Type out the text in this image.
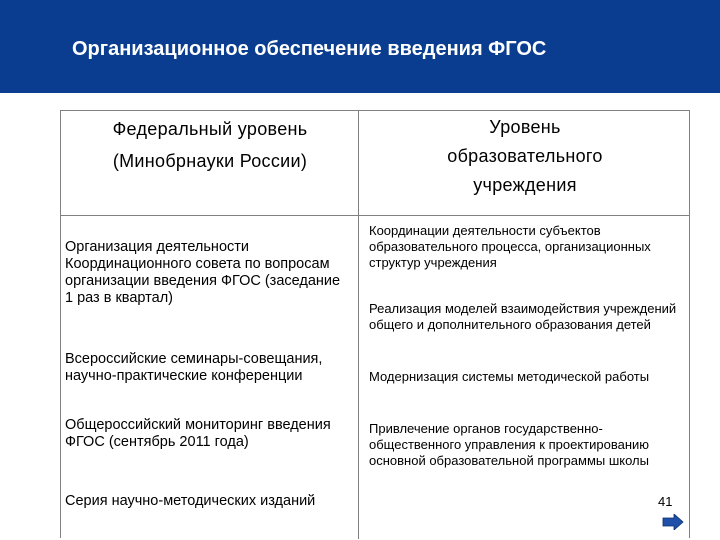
Организационное обеспечение введения ФГОС
Федеральный уровень
(Минобрнауки России)
Уровень
образовательного
учреждения
Организация деятельности Координационного совета по вопросам организации введения ФГОС (заседание 1 раз в квартал)
Всероссийские семинары-совещания, научно-практические конференции
Общероссийский мониторинг введения ФГОС (сентябрь 2011 года)
Серия научно-методических изданий
Координации деятельности субъектов образовательного процесса, организационных структур учреждения
Реализация моделей взаимодействия учреждений общего и дополнительного образования детей
Модернизация системы методической работы
Привлечение органов государственно-общественного управления к проектированию основной образовательной программы школы
41
